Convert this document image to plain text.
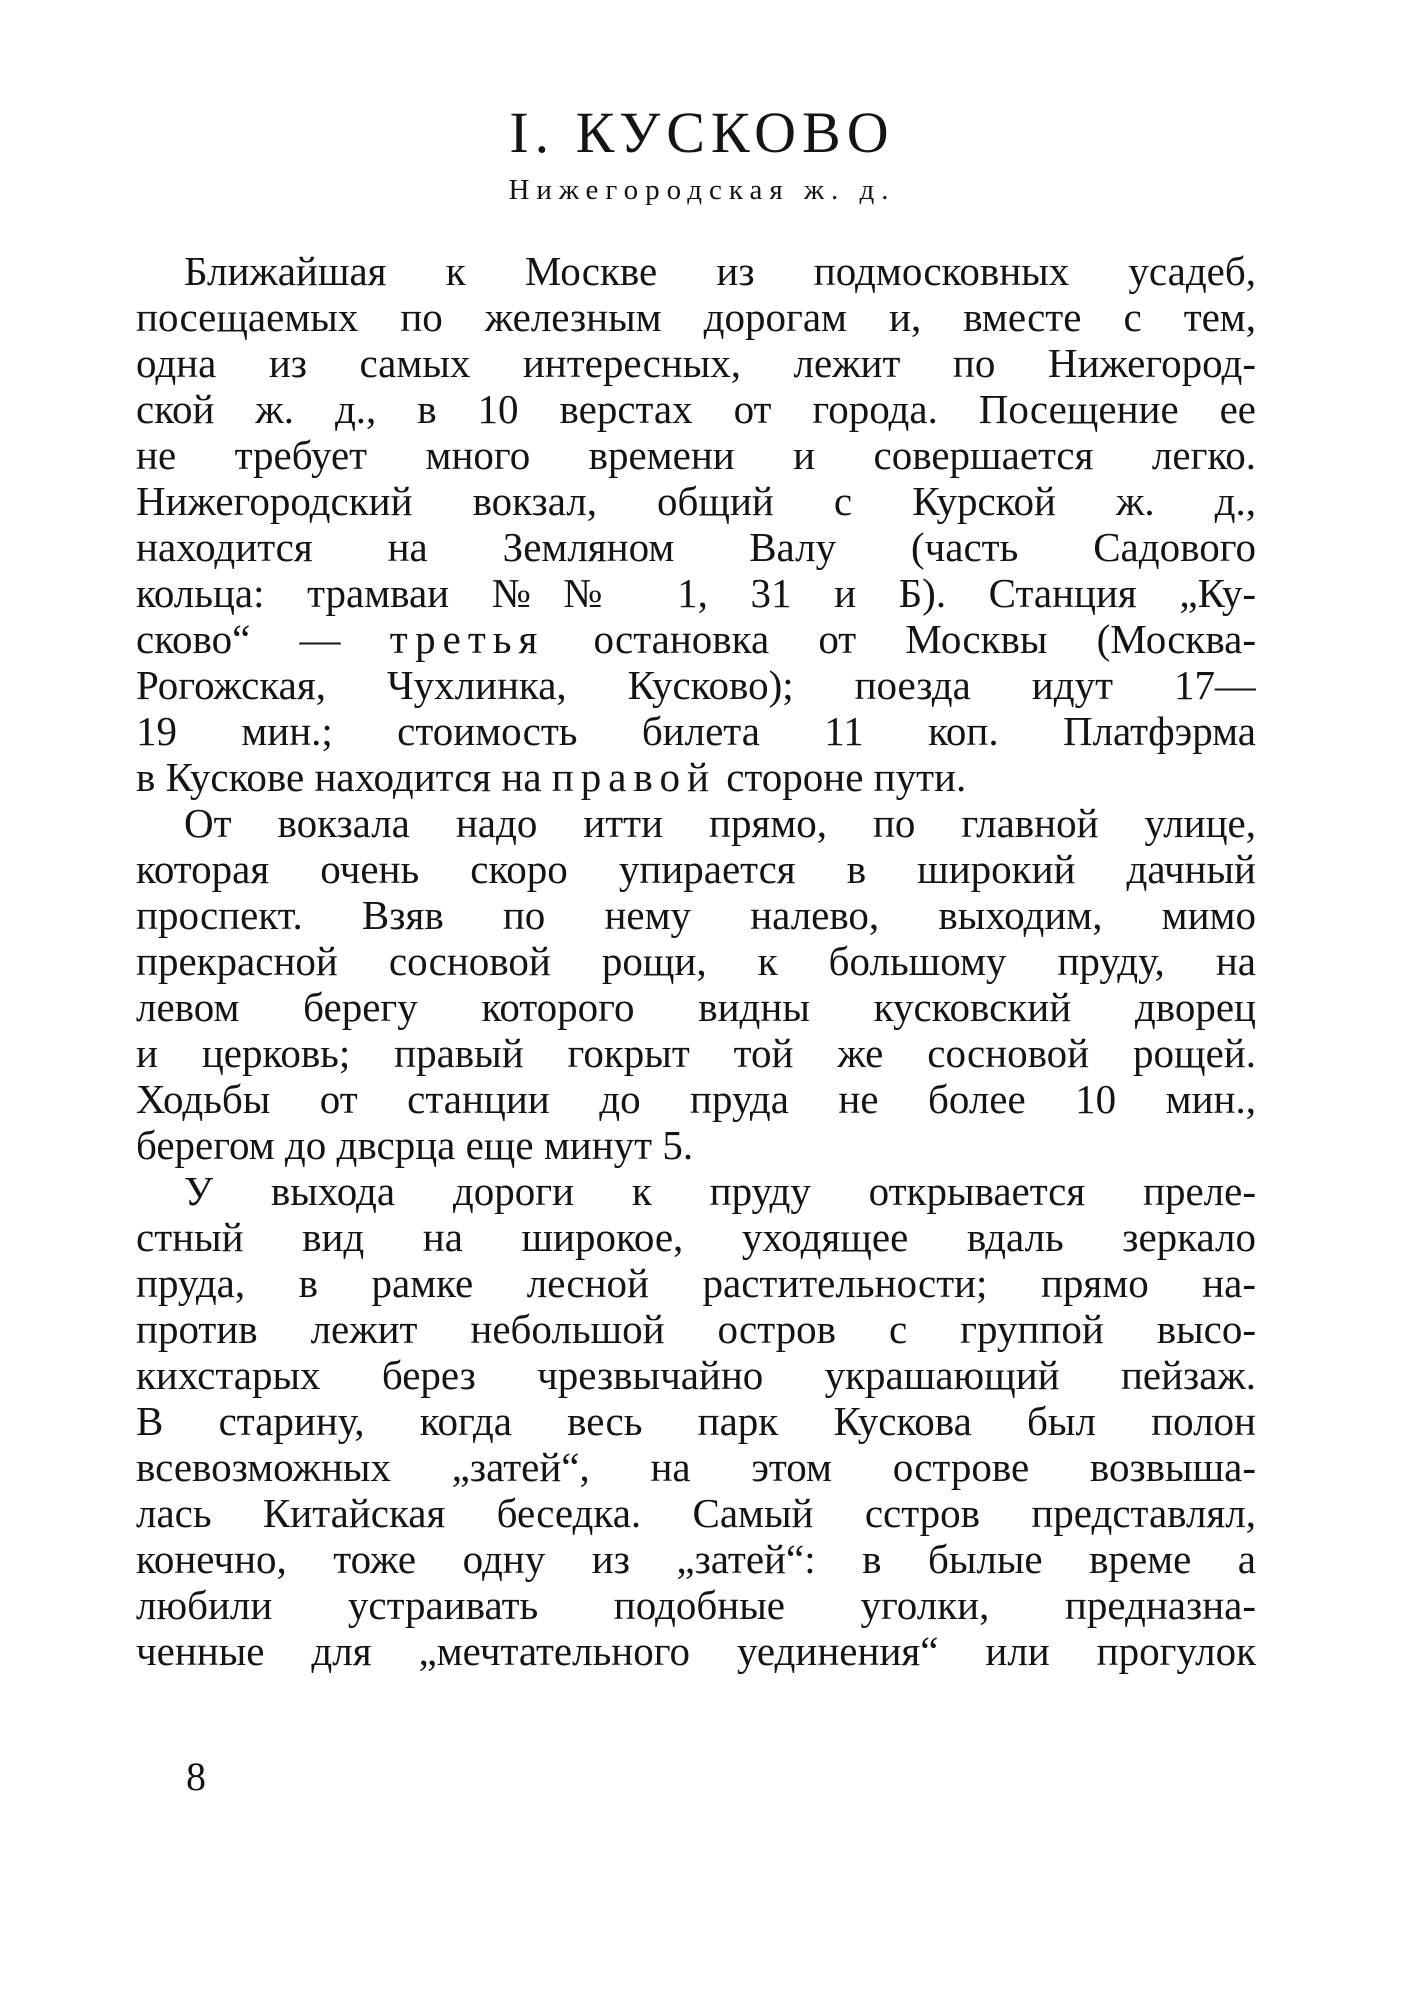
I. КУСКОВО

Нижегородская ж. д.

Ближайшая к Москве из подмосковных усадеб,
посещаемых по железным дорогам и, вместе с тем,
одна из самых интересных, лежит по Нижегород-
ской ж. д., в 10 верстах от города. Посещение ее
не требует много времени и совершается легко.
Нижегородский вокзал, общий с Курской ж. д.,
находится на Земляном Валу (часть Садового
кольца: трамваи №№ 1, 31 и Б). Станция „Ку-
сково“ — третья остановка от Москвы (Москва-
Рогожская, Чухлинка, Кусково); поезда идут 17—
19 мин.; стоимость билета 11 коп. Платфэрма
в Кускове находится на правой стороне пути.
От вокзала надо итти прямо, по главной улице,
которая очень скоро упирается в широкий дачный
проспект. Взяв по нему налево, выходим, мимо
прекрасной сосновой рощи, к большому пруду, на
левом берегу которого видны кусковский дворец
и церковь; правый гокрыт той же сосновой рощей.
Ходьбы от станции до пруда не более 10 мин.,
берегом до двсрца еще минут 5.
У выхода дороги к пруду открывается преле-
стный вид на широкое, уходящее вдаль зеркало
пруда, в рамке лесной растительности; прямо на-
против лежит небольшой остров с группой высо-
кихстарых берез чрезвычайно украшающий пейзаж.
В старину, когда весь парк Кускова был полон
всевозможных „затей“, на этом острове возвыша-
лась Китайская беседка. Самый сстров представлял,
конечно, тоже одну из „затей“: в былые време а
любили устраивать подобные уголки, предназна-
ченные для „мечтательного уединения“ или прогулок

8
